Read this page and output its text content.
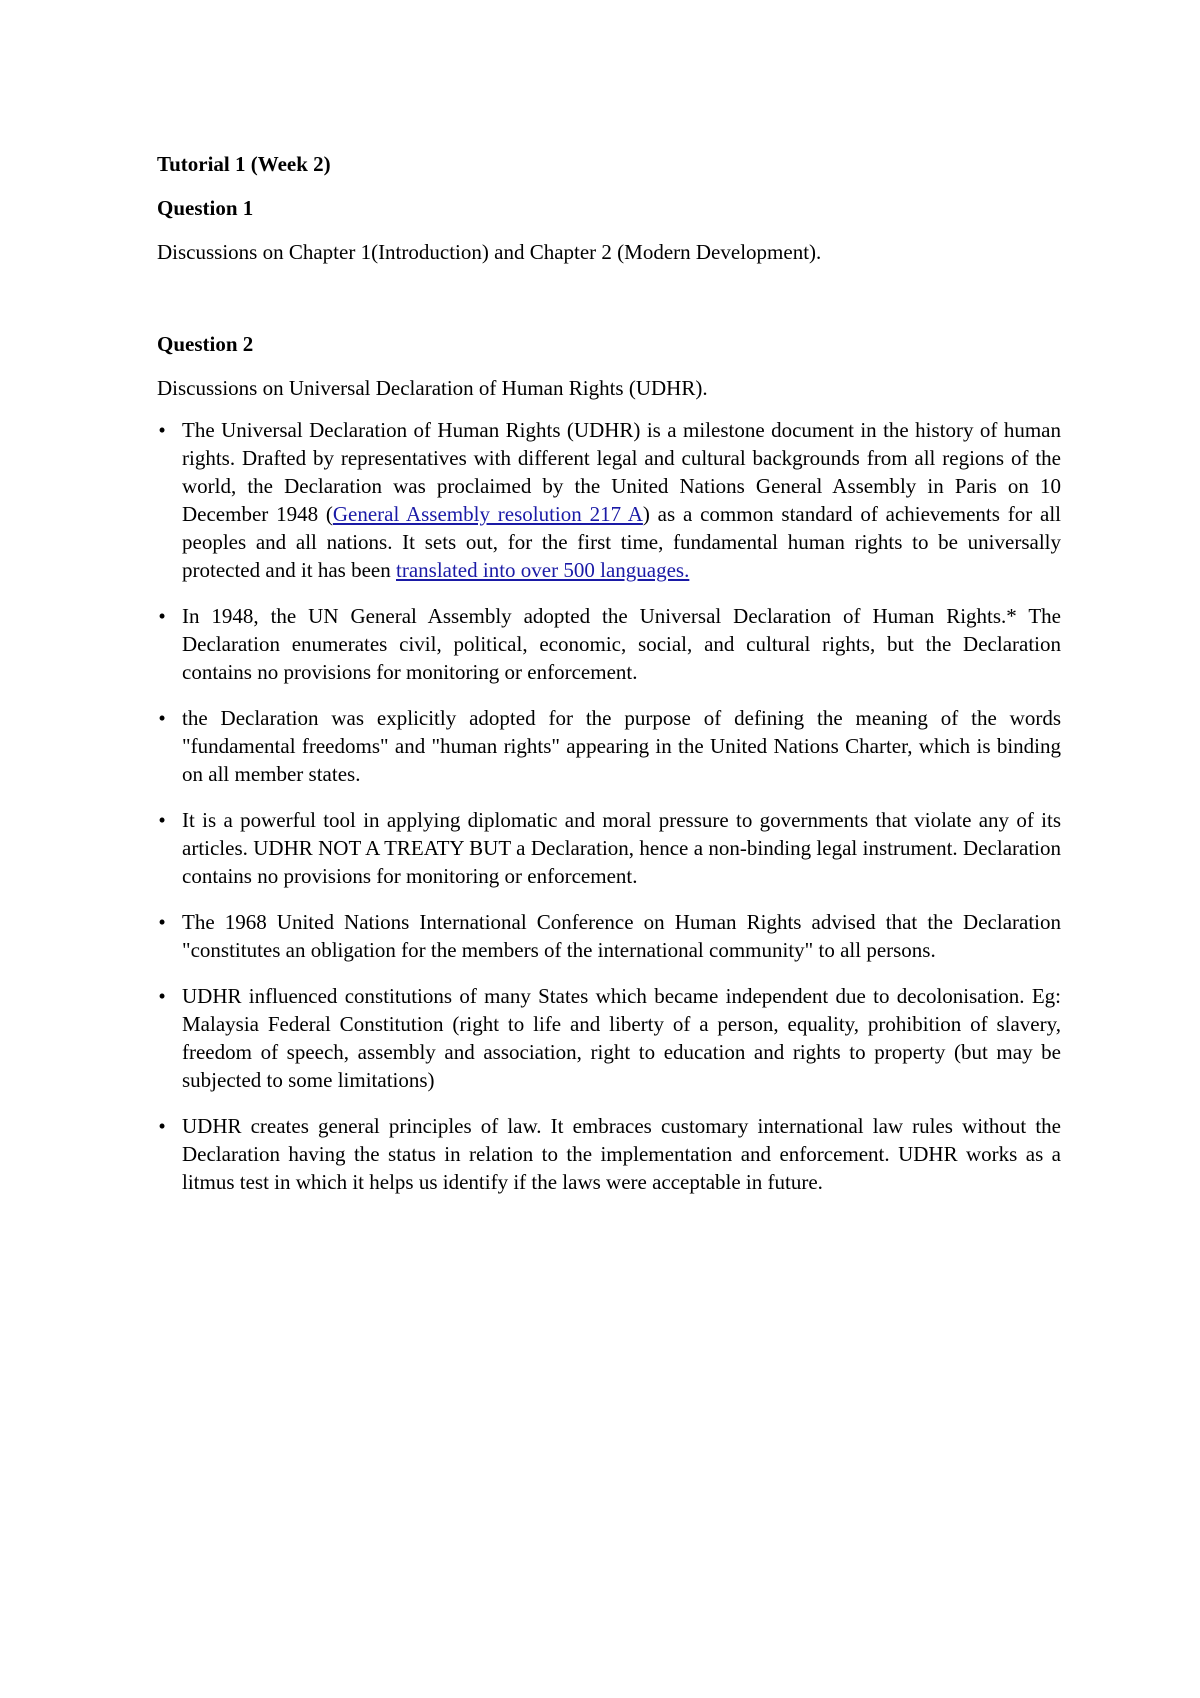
Tutorial 1 (Week 2)

Question 1

Discussions on Chapter 1(Introduction) and Chapter 2 (Modern Development).

Question 2

Discussions on Universal Declaration of Human Rights (UDHR).

• The Universal Declaration of Human Rights (UDHR) is a milestone document in the history of human rights. Drafted by representatives with different legal and cultural backgrounds from all regions of the world, the Declaration was proclaimed by the United Nations General Assembly in Paris on 10 December 1948 (General Assembly resolution 217 A) as a common standard of achievements for all peoples and all nations. It sets out, for the first time, fundamental human rights to be universally protected and it has been translated into over 500 languages.
• In 1948, the UN General Assembly adopted the Universal Declaration of Human Rights.* The Declaration enumerates civil, political, economic, social, and cultural rights, but the Declaration contains no provisions for monitoring or enforcement.
• the Declaration was explicitly adopted for the purpose of defining the meaning of the words "fundamental freedoms" and "human rights" appearing in the United Nations Charter, which is binding on all member states.
• It is a powerful tool in applying diplomatic and moral pressure to governments that violate any of its articles. UDHR NOT A TREATY BUT a Declaration, hence a non-binding legal instrument. Declaration contains no provisions for monitoring or enforcement.
• The 1968 United Nations International Conference on Human Rights advised that the Declaration "constitutes an obligation for the members of the international community" to all persons.
• UDHR influenced constitutions of many States which became independent due to decolonisation. Eg: Malaysia Federal Constitution (right to life and liberty of a person, equality, prohibition of slavery, freedom of speech, assembly and association, right to education and rights to property (but may be subjected to some limitations)
• UDHR creates general principles of law. It embraces customary international law rules without the Declaration having the status in relation to the implementation and enforcement. UDHR works as a litmus test in which it helps us identify if the laws were acceptable in future.
